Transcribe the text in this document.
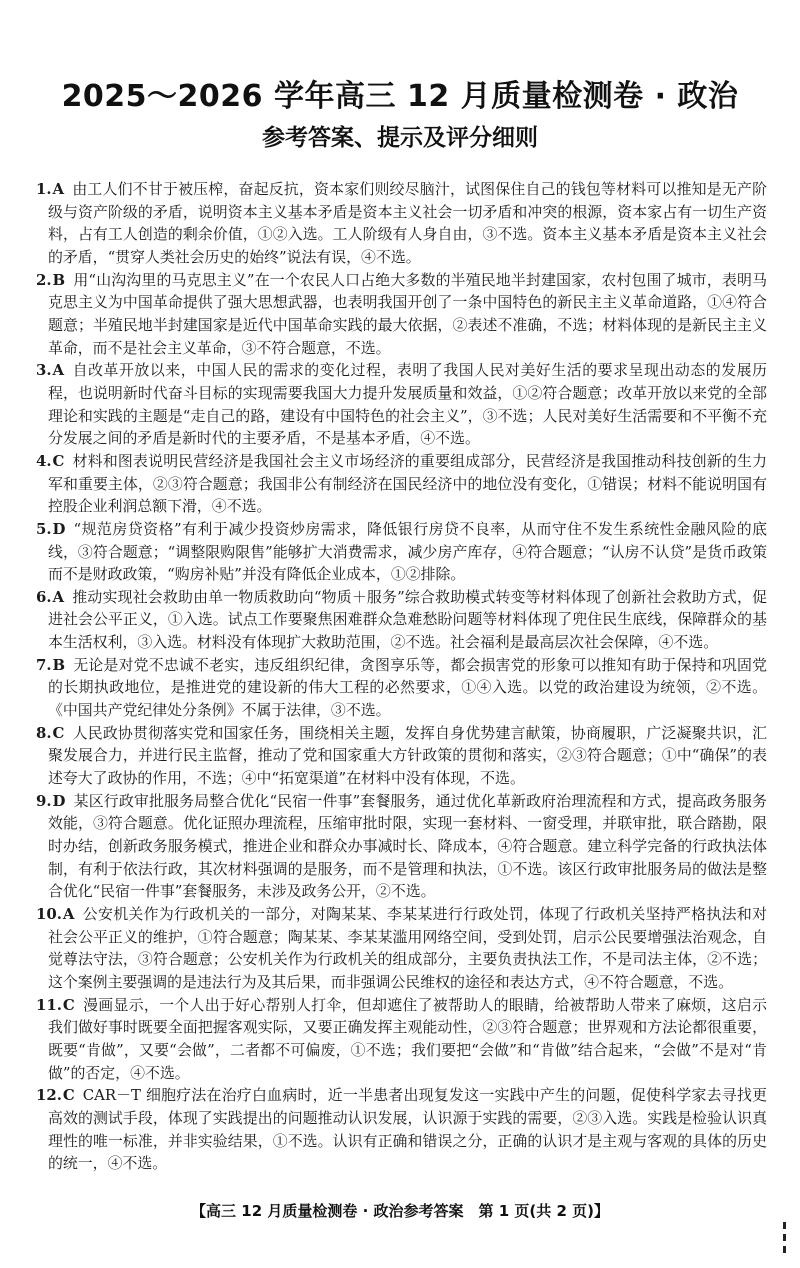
2025～2026 学年高三 12 月质量检测卷 · 政治
参考答案、提示及评分细则

1.A 由工人们不甘于被压榨，奋起反抗，资本家们则绞尽脑汁，试图保住自己的钱包等材料可以推知是无产阶级与资产阶级的矛盾，说明资本主义基本矛盾是资本主义社会一切矛盾和冲突的根源，资本家占有一切生产资料，占有工人创造的剩余价值，①②入选。工人阶级有人身自由，③不选。资本主义基本矛盾是资本主义社会的矛盾，“贯穿人类社会历史的始终”说法有误，④不选。

2.B 用“山沟沟里的马克思主义”在一个农民人口占绝大多数的半殖民地半封建国家，农村包围了城市，表明马克思主义为中国革命提供了强大思想武器，也表明我国开创了一条中国特色的新民主主义革命道路，①④符合题意；半殖民地半封建国家是近代中国革命实践的最大依据，②表述不准确，不选；材料体现的是新民主主义革命，而不是社会主义革命，③不符合题意，不选。

3.A 自改革开放以来，中国人民的需求的变化过程，表明了我国人民对美好生活的要求呈现出动态的发展历程，也说明新时代奋斗目标的实现需要我国大力提升发展质量和效益，①②符合题意；改革开放以来党的全部理论和实践的主题是“走自己的路，建设有中国特色的社会主义”，③不选；人民对美好生活需要和不平衡不充分发展之间的矛盾是新时代的主要矛盾，不是基本矛盾，④不选。

4.C 材料和图表说明民营经济是我国社会主义市场经济的重要组成部分，民营经济是我国推动科技创新的生力军和重要主体，②③符合题意；我国非公有制经济在国民经济中的地位没有变化，①错误；材料不能说明国有控股企业利润总额下滑，④不选。

5.D “规范房贷资格”有利于减少投资炒房需求，降低银行房贷不良率，从而守住不发生系统性金融风险的底线，③符合题意；“调整限购限售”能够扩大消费需求，减少房产库存，④符合题意；“认房不认贷”是货币政策而不是财政政策，“购房补贴”并没有降低企业成本，①②排除。

6.A 推动实现社会救助由单一物质救助向“物质＋服务”综合救助模式转变等材料体现了创新社会救助方式，促进社会公平正义，①入选。试点工作要聚焦困难群众急难愁盼问题等材料体现了兜住民生底线，保障群众的基本生活权利，③入选。材料没有体现扩大救助范围，②不选。社会福利是最高层次社会保障，④不选。

7.B 无论是对党不忠诚不老实，违反组织纪律，贪图享乐等，都会损害党的形象可以推知有助于保持和巩固党的长期执政地位，是推进党的建设新的伟大工程的必然要求，①④入选。以党的政治建设为统领，②不选。《中国共产党纪律处分条例》不属于法律，③不选。

8.C 人民政协贯彻落实党和国家任务，围绕相关主题，发挥自身优势建言献策，协商履职，广泛凝聚共识，汇聚发展合力，并进行民主监督，推动了党和国家重大方针政策的贯彻和落实，②③符合题意；①中“确保”的表述夸大了政协的作用，不选；④中“拓宽渠道”在材料中没有体现，不选。

9.D 某区行政审批服务局整合优化“民宿一件事”套餐服务，通过优化革新政府治理流程和方式，提高政务服务效能，③符合题意。优化证照办理流程，压缩审批时限，实现一套材料、一窗受理，并联审批，联合踏勘，限时办结，创新政务服务模式，推进企业和群众办事减时长、降成本，④符合题意。建立科学完备的行政执法体制，有利于依法行政，其次材料强调的是服务，而不是管理和执法，①不选。该区行政审批服务局的做法是整合优化“民宿一件事”套餐服务，未涉及政务公开，②不选。

10.A 公安机关作为行政机关的一部分，对陶某某、李某某进行行政处罚，体现了行政机关坚持严格执法和对社会公平正义的维护，①符合题意；陶某某、李某某滥用网络空间，受到处罚，启示公民要增强法治观念，自觉尊法守法，③符合题意；公安机关作为行政机关的组成部分，主要负责执法工作，不是司法主体，②不选；这个案例主要强调的是违法行为及其后果，而非强调公民维权的途径和表达方式，④不符合题意，不选。

11.C 漫画显示，一个人出于好心帮别人打伞，但却遮住了被帮助人的眼睛，给被帮助人带来了麻烦，这启示我们做好事时既要全面把握客观实际，又要正确发挥主观能动性，②③符合题意；世界观和方法论都很重要，既要“肯做”，又要“会做”，二者都不可偏废，①不选；我们要把“会做”和“肯做”结合起来，“会做”不是对“肯做”的否定，④不选。

12.C CAR－T 细胞疗法在治疗白血病时，近一半患者出现复发这一实践中产生的问题，促使科学家去寻找更高效的测试手段，体现了实践提出的问题推动认识发展，认识源于实践的需要，②③入选。实践是检验认识真理性的唯一标准，并非实验结果，①不选。认识有正确和错误之分，正确的认识才是主观与客观的具体的历史的统一，④不选。

【高三 12 月质量检测卷 · 政治参考答案　第 1 页(共 2 页)】
